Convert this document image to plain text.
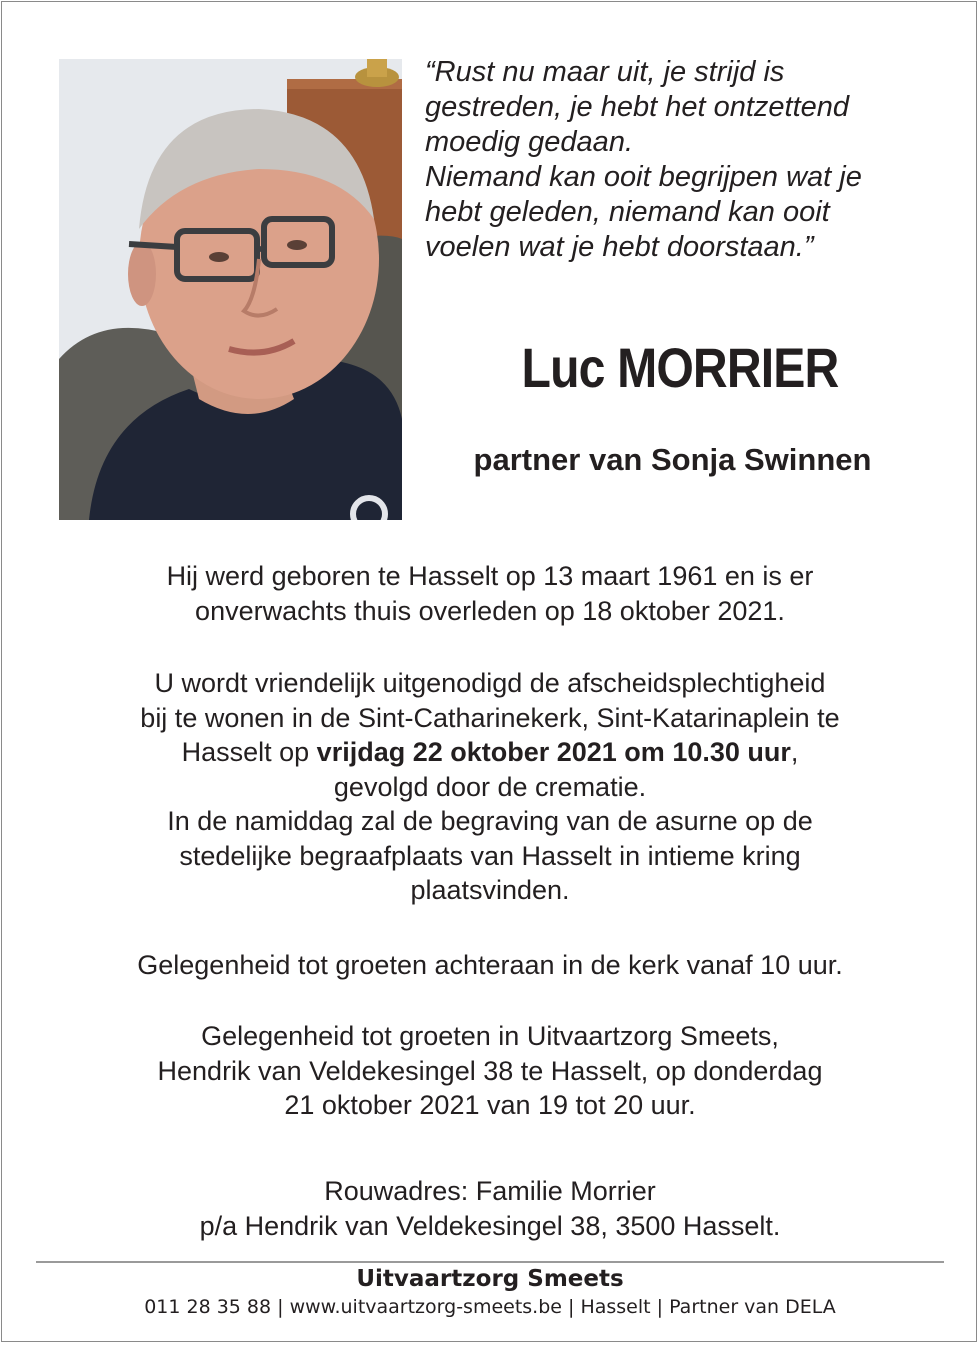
“Rust nu maar uit, je strijd is
gestreden, je hebt het ontzettend
moedig gedaan.
Niemand kan ooit begrijpen wat je
hebt geleden, niemand kan ooit
voelen wat je hebt doorstaan.”
Luc MORRIER
partner van Sonja Swinnen
Hij werd geboren te Hasselt op 13 maart 1961 en is er
onverwachts thuis overleden op 18 oktober 2021.
U wordt vriendelijk uitgenodigd de afscheidsplechtigheid
bij te wonen in de Sint-Catharinekerk, Sint-Katarinaplein te
Hasselt op vrijdag 22 oktober 2021 om 10.30 uur,
gevolgd door de crematie.
In de namiddag zal de begraving van de asurne op de
stedelijke begraafplaats van Hasselt in intieme kring
plaatsvinden.
Gelegenheid tot groeten achteraan in de kerk vanaf 10 uur.
Gelegenheid tot groeten in Uitvaartzorg Smeets,
Hendrik van Veldekesingel 38 te Hasselt, op donderdag
21 oktober 2021 van 19 tot 20 uur.
Rouwadres: Familie Morrier
p/a Hendrik van Veldekesingel 38, 3500 Hasselt.
Uitvaartzorg Smeets
011 28 35 88 | www.uitvaartzorg-smeets.be | Hasselt | Partner van DELA
